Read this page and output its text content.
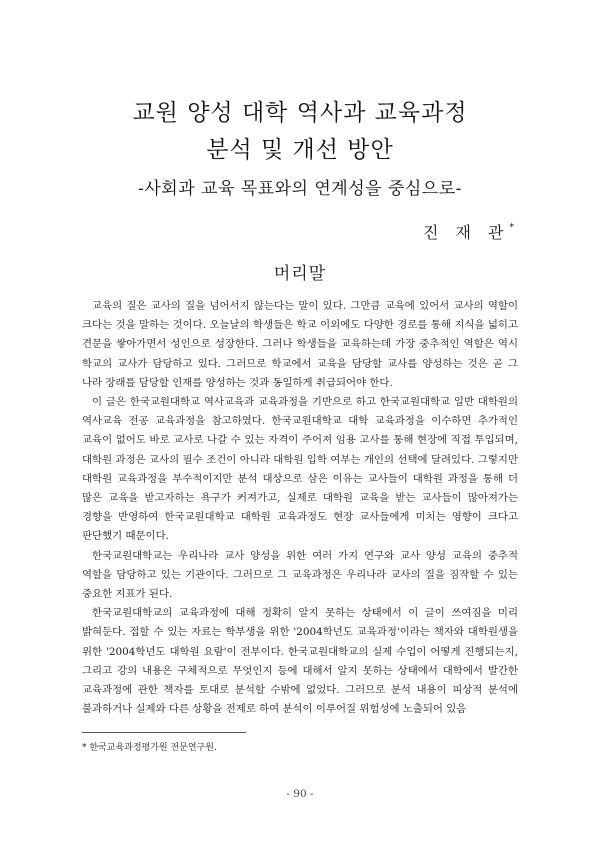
교원 양성 대학 역사과 교육과정
분석 및 개선 방안
-사회과 교육 목표와의 연계성을 중심으로-
진 재 관*
머리말

교육의 질은 교사의 질을 넘어서지 않는다는 말이 있다. 그만큼 교육에 있어서 교사의 역할이 크다는 것을 말하는 것이다. 오늘날의 학생들은 학교 이외에도 다양한 경로를 통해 지식을 넓히고 견문을 쌓아가면서 성인으로 성장한다. 그러나 학생들을 교육하는데 가장 중추적인 역할은 역시 학교의 교사가 담당하고 있다. 그러므로 학교에서 교육을 담당할 교사를 양성하는 것은 곧 그 나라 장래를 담당할 인재를 양성하는 것과 동일하게 취급되어야 한다.

이 글은 한국교원대학교 역사교육과 교육과정을 기반으로 하고 한국교원대학교 일반 대학원의 역사교육 전공 교육과정을 참고하였다. 한국교원대학교 대학 교육과정을 이수하면 추가적인 교육이 없어도 바로 교사로 나갈 수 있는 자격이 주어져 임용 고사를 통해 현장에 직접 투입되며, 대학원 과정은 교사의 필수 조건이 아니라 대학원 입학 여부는 개인의 선택에 달려있다. 그렇지만 대학원 교육과정을 부수적이지만 분석 대상으로 삼은 이유는 교사들이 대학원 과정을 통해 더 많은 교육을 받고자하는 욕구가 커져가고, 실제로 대학원 교육을 받는 교사들이 많아져가는 경향을 반영하여 한국교원대학교 대학원 교육과정도 현장 교사들에게 미치는 영향이 크다고 판단했기 때문이다.

한국교원대학교는 우리나라 교사 양성을 위한 여러 가지 연구와 교사 양성 교육의 중추적 역할을 담당하고 있는 기관이다. 그러므로 그 교육과정은 우리나라 교사의 질을 짐작할 수 있는 중요한 지표가 된다.

한국교원대학교의 교육과정에 대해 정확히 알지 못하는 상태에서 이 글이 쓰여짐을 미리 밝혀둔다. 접할 수 있는 자료는 학부생을 위한 '2004학년도 교육과정'이라는 책자와 대학원생을 위한 '2004학년도 대학원 요람'이 전부이다. 한국교원대학교의 실제 수업이 어떻게 진행되는지, 그리고 강의 내용은 구체적으로 무엇인지 등에 대해서 알지 못하는 상태에서 대학에서 발간한 교육과정에 관한 책자를 토대로 분석할 수밖에 없었다. 그러므로 분석 내용이 피상적 분석에 불과하거나 실제와 다른 상황을 전제로 하여 분석이 이루어질 위험성에 노출되어 있음

* 한국교육과정평가원 전문연구원.
- 90 -
